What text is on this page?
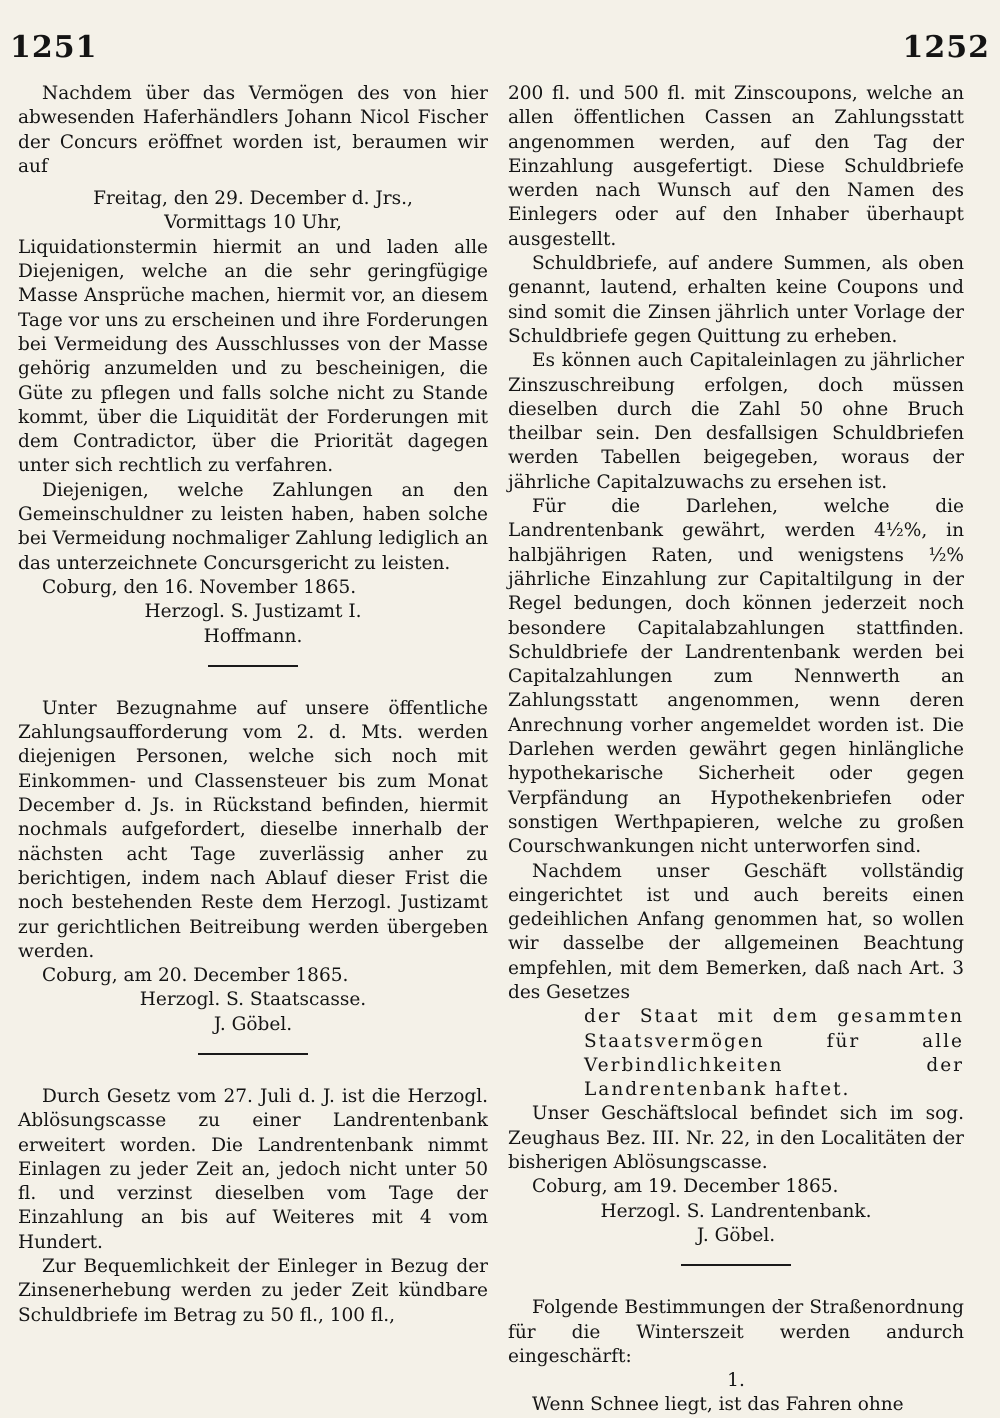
1251	1252

Nachdem über das Vermögen des von hier abwesenden Haferhändlers Johann Nicol Fischer der Concurs eröffnet worden ist, beraumen wir auf

Freitag, den 29. December d. Jrs.,

Vormittags 10 Uhr,

Liquidationstermin hiermit an und laden alle Diejenigen, welche an die sehr geringfügige Masse Ansprüche machen, hiermit vor, an diesem Tage vor uns zu erscheinen und ihre Forderungen bei Vermeidung des Ausschlusses von der Masse gehörig anzumelden und zu bescheinigen, die Güte zu pflegen und falls solche nicht zu Stande kommt, über die Liquidität der Forderungen mit dem Contradictor, über die Priorität dagegen unter sich rechtlich zu verfahren.

Diejenigen, welche Zahlungen an den Gemeinschuldner zu leisten haben, haben solche bei Vermeidung nochmaliger Zahlung lediglich an das unterzeichnete Concursgericht zu leisten.

Coburg, den 16. November 1865.

Herzogl. S. Justizamt I.

Hoffmann.

Unter Bezugnahme auf unsere öffentliche Zahlungsaufforderung vom 2. d. Mts. werden diejenigen Personen, welche sich noch mit Einkommen- und Classensteuer bis zum Monat December d. Js. in Rückstand befinden, hiermit nochmals aufgefordert, dieselbe innerhalb der nächsten acht Tage zuverlässig anher zu berichtigen, indem nach Ablauf dieser Frist die noch bestehenden Reste dem Herzogl. Justizamt zur gerichtlichen Beitreibung werden übergeben werden.

Coburg, am 20. December 1865.

Herzogl. S. Staatscasse.

J. Göbel.

Durch Gesetz vom 27. Juli d. J. ist die Herzogl. Ablösungscasse zu einer Landrentenbank erweitert worden. Die Landrentenbank nimmt Einlagen zu jeder Zeit an, jedoch nicht unter 50 fl. und verzinst dieselben vom Tage der Einzahlung an bis auf Weiteres mit 4 vom Hundert.

Zur Bequemlichkeit der Einleger in Bezug der Zinsenerhebung werden zu jeder Zeit kündbare Schuldbriefe im Betrag zu 50 fl., 100 fl.,

200 fl. und 500 fl. mit Zinscoupons, welche an allen öffentlichen Cassen an Zahlungsstatt angenommen werden, auf den Tag der Einzahlung ausgefertigt. Diese Schuldbriefe werden nach Wunsch auf den Namen des Einlegers oder auf den Inhaber überhaupt ausgestellt.

Schuldbriefe, auf andere Summen, als oben genannt, lautend, erhalten keine Coupons und sind somit die Zinsen jährlich unter Vorlage der Schuldbriefe gegen Quittung zu erheben.

Es können auch Capitaleinlagen zu jährlicher Zinszuschreibung erfolgen, doch müssen dieselben durch die Zahl 50 ohne Bruch theilbar sein. Den desfallsigen Schuldbriefen werden Tabellen beigegeben, woraus der jährliche Capitalzuwachs zu ersehen ist.

Für die Darlehen, welche die Landrentenbank gewährt, werden 4½%, in halbjährigen Raten, und wenigstens ½% jährliche Einzahlung zur Capitaltilgung in der Regel bedungen, doch können jederzeit noch besondere Capitalabzahlungen stattfinden. Schuldbriefe der Landrentenbank werden bei Capitalzahlungen zum Nennwerth an Zahlungsstatt angenommen, wenn deren Anrechnung vorher angemeldet worden ist. Die Darlehen werden gewährt gegen hinlängliche hypothekarische Sicherheit oder gegen Verpfändung an Hypothekenbriefen oder sonstigen Werthpapieren, welche zu großen Courschwankungen nicht unterworfen sind.

Nachdem unser Geschäft vollständig eingerichtet ist und auch bereits einen gedeihlichen Anfang genommen hat, so wollen wir dasselbe der allgemeinen Beachtung empfehlen, mit dem Bemerken, daß nach Art. 3 des Gesetzes

der Staat mit dem gesammten Staatsvermögen für alle Verbindlichkeiten der Landrentenbank haftet.

Unser Geschäftslocal befindet sich im sog. Zeughaus Bez. III. Nr. 22, in den Localitäten der bisherigen Ablösungscasse.

Coburg, am 19. December 1865.

Herzogl. S. Landrentenbank.

J. Göbel.

Folgende Bestimmungen der Straßenordnung für die Winterszeit werden andurch eingeschärft:

1.

Wenn Schnee liegt, ist das Fahren ohne
